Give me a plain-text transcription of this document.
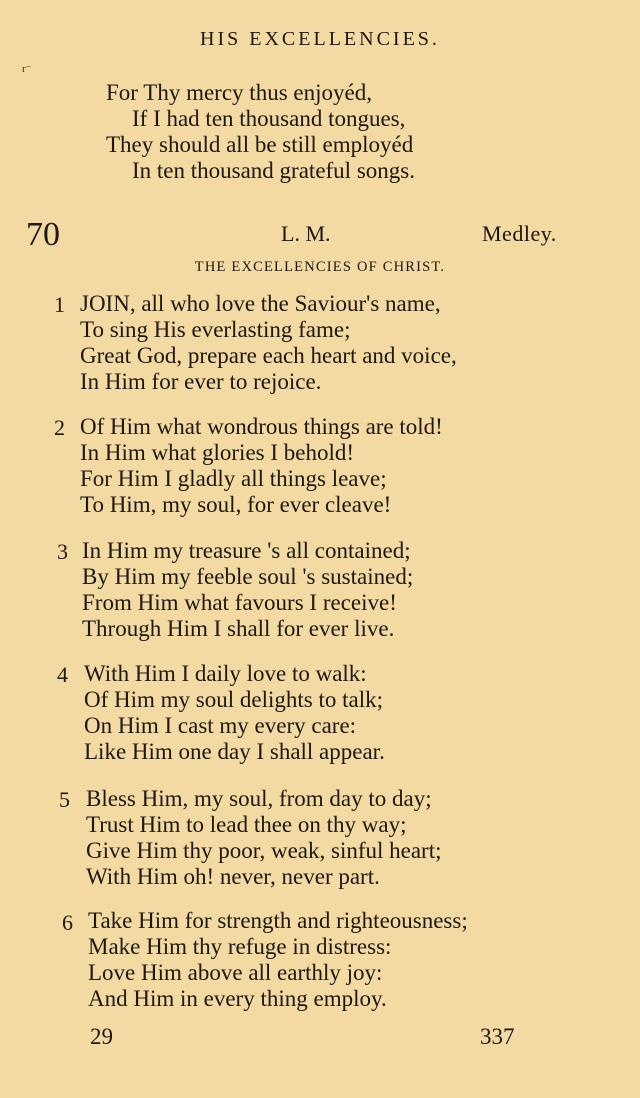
HIS EXCELLENCIES.
r⁻
For Thy mercy thus enjoyéd,
If I had ten thousand tongues,
They should all be still employéd
In ten thousand grateful songs.
70	L. M.	Medley.
THE EXCELLENCIES OF CHRIST.
1 JOIN, all who love the Saviour's name,
To sing His everlasting fame;
Great God, prepare each heart and voice,
In Him for ever to rejoice.
2 Of Him what wondrous things are told!
In Him what glories I behold!
For Him I gladly all things leave;
To Him, my soul, for ever cleave!
3 In Him my treasure 's all contained;
By Him my feeble soul 's sustained;
From Him what favours I receive!
Through Him I shall for ever live.
4 With Him I daily love to walk:
Of Him my soul delights to talk;
On Him I cast my every care:
Like Him one day I shall appear.
5 Bless Him, my soul, from day to day;
Trust Him to lead thee on thy way;
Give Him thy poor, weak, sinful heart;
With Him oh! never, never part.
6 Take Him for strength and righteousness;
Make Him thy refuge in distress:
Love Him above all earthly joy:
And Him in every thing employ.
29	337
